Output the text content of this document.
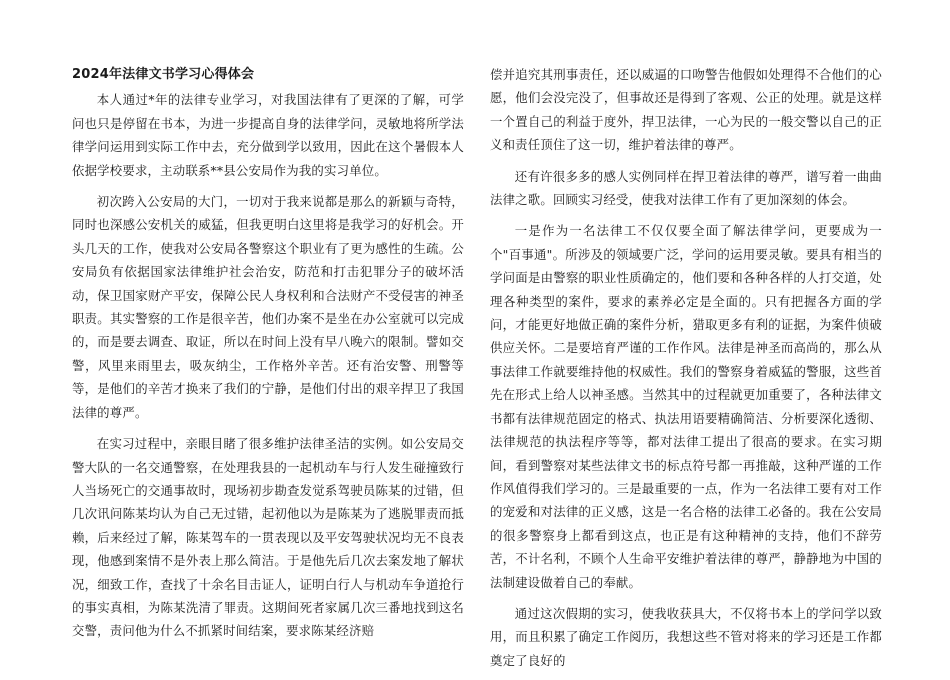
2024年法律文书学习心得体会

本人通过*年的法律专业学习，对我国法律有了更深的了解，可学问也只是停留在书本，为进一步提高自身的法律学问，灵敏地将所学法律学问运用到实际工作中去，充分做到学以致用，因此在这个暑假本人依据学校要求，主动联系**县公安局作为我的实习单位。

初次跨入公安局的大门，一切对于我来说都是那么的新颖与奇特，同时也深感公安机关的威猛，但我更明白这里将是我学习的好机会。开头几天的工作，使我对公安局各警察这个职业有了更为感性的生疏。公安局负有依据国家法律维护社会治安，防范和打击犯罪分子的破坏活动，保卫国家财产平安，保障公民人身权利和合法财产不受侵害的神圣职责。其实警察的工作是很辛苦，他们办案不是坐在办公室就可以完成的，而是要去调查、取证，所以在时间上没有早八晚六的限制。譬如交警，风里来雨里去，吸灰纳尘，工作格外辛苦。还有治安警、刑警等等，是他们的辛苦才换来了我们的宁静，是他们付出的艰辛捍卫了我国法律的尊严。

在实习过程中，亲眼目睹了很多维护法律圣洁的实例。如公安局交警大队的一名交通警察，在处理我县的一起机动车与行人发生碰撞致行人当场死亡的交通事故时，现场初步勘查发觉系驾驶员陈某的过错，但几次讯问陈某均认为自己无过错，起初他以为是陈某为了逃脱罪责而抵赖，后来经过了解，陈某驾车的一贯表现以及平安驾驶状况均无不良表现，他感到案情不是外表上那么简洁。于是他先后几次去案发地了解状况，细致工作，查找了十余名目击证人，证明白行人与机动车争道抢行的事实真相，为陈某洗清了罪责。这期间死者家属几次三番地找到这名交警，责问他为什么不抓紧时间结案，要求陈某经济赔

偿并追究其刑事责任，还以威逼的口吻警告他假如处理得不合他们的心愿，他们会没完没了，但事故还是得到了客观、公正的处理。就是这样一个置自己的利益于度外，捍卫法律，一心为民的一般交警以自己的正义和责任顶住了这一切，维护着法律的尊严。

还有许很多多的感人实例同样在捍卫着法律的尊严，谱写着一曲曲法律之歌。回顾实习经受，使我对法律工作有了更加深刻的体会。

一是作为一名法律工不仅仅要全面了解法律学问，更要成为一个"百事通"。所涉及的领域要广泛，学问的运用要灵敏。要具有相当的学问面是由警察的职业性质确定的，他们要和各种各样的人打交道，处理各种类型的案件，要求的素养必定是全面的。只有把握各方面的学问，才能更好地做正确的案件分析，猎取更多有利的证据，为案件侦破供应关怀。二是要培育严谨的工作作风。法律是神圣而高尚的，那么从事法律工作就要维持他的权威性。我们的警察身着威猛的警服，这些首先在形式上给人以神圣感。当然其中的过程就更加重要了，各种法律文书都有法律规范固定的格式、执法用语要精确简洁、分析要深化透彻、法律规范的执法程序等等，都对法律工提出了很高的要求。在实习期间，看到警察对某些法律文书的标点符号都一再推敲，这种严谨的工作作风值得我们学习的。三是最重要的一点，作为一名法律工要有对工作的宠爱和对法律的正义感，这是一名合格的法律工必备的。我在公安局的很多警察身上都看到这点，也正是有这种精神的支持，他们不辞劳苦，不计名利，不顾个人生命平安维护着法律的尊严，静静地为中国的法制建设做着自己的奉献。

通过这次假期的实习，使我收获具大，不仅将书本上的学问学以致用，而且积累了确定工作阅历，我想这些不管对将来的学习还是工作都奠定了良好的
